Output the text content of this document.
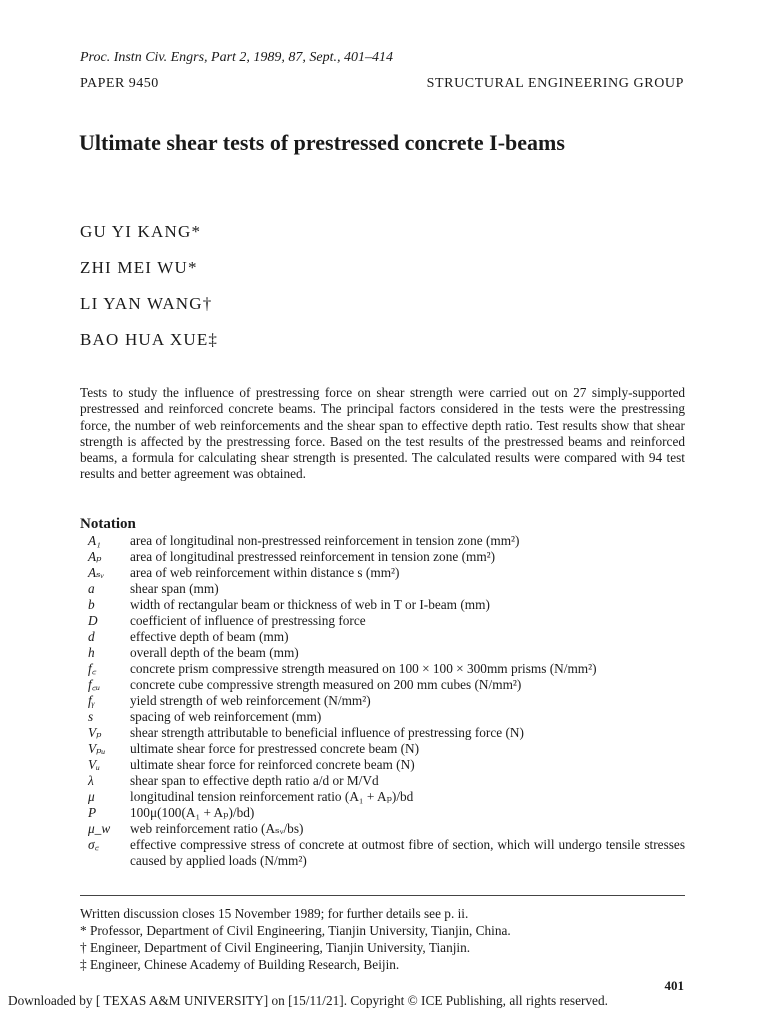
Proc. Instn Civ. Engrs, Part 2, 1989, 87, Sept., 401–414
PAPER 9450	STRUCTURAL ENGINEERING GROUP
Ultimate shear tests of prestressed concrete I-beams
GU YI KANG*
ZHI MEI WU*
LI YAN WANG†
BAO HUA XUE‡
Tests to study the influence of prestressing force on shear strength were carried out on 27 simply-supported prestressed and reinforced concrete beams. The principal factors considered in the tests were the prestressing force, the number of web reinforcements and the shear span to effective depth ratio. Test results show that shear strength is affected by the prestressing force. Based on the test results of the prestressed beams and reinforced beams, a formula for calculating shear strength is presented. The calculated results were compared with 94 test results and better agreement was obtained.
Notation
A₁	area of longitudinal non-prestressed reinforcement in tension zone (mm²)
Aₚ	area of longitudinal prestressed reinforcement in tension zone (mm²)
Aₛᵥ	area of web reinforcement within distance s (mm²)
a	shear span (mm)
b	width of rectangular beam or thickness of web in T or I-beam (mm)
D	coefficient of influence of prestressing force
d	effective depth of beam (mm)
h	overall depth of the beam (mm)
f꜀	concrete prism compressive strength measured on 100 × 100 × 300mm prisms (N/mm²)
f꜀ᵤ	concrete cube compressive strength measured on 200 mm cubes (N/mm²)
fᵧ	yield strength of web reinforcement (N/mm²)
s	spacing of web reinforcement (mm)
Vₚ	shear strength attributable to beneficial influence of prestressing force (N)
Vₚᵤ	ultimate shear force for prestressed concrete beam (N)
Vᵤ	ultimate shear force for reinforced concrete beam (N)
λ	shear span to effective depth ratio a/d or M/Vd
μ	longitudinal tension reinforcement ratio (A₁ + Aₚ)/bd
P	100μ(100(A₁ + Aₚ)/bd)
μ_w	web reinforcement ratio (Aₛᵥ/bs)
σ꜀	effective compressive stress of concrete at outmost fibre of section, which will undergo tensile stresses caused by applied loads (N/mm²)
Written discussion closes 15 November 1989; for further details see p. ii.
* Professor, Department of Civil Engineering, Tianjin University, Tianjin, China.
† Engineer, Department of Civil Engineering, Tianjin University, Tianjin.
‡ Engineer, Chinese Academy of Building Research, Beijin.
401
Downloaded by [ TEXAS A&M UNIVERSITY] on [15/11/21]. Copyright © ICE Publishing, all rights reserved.
